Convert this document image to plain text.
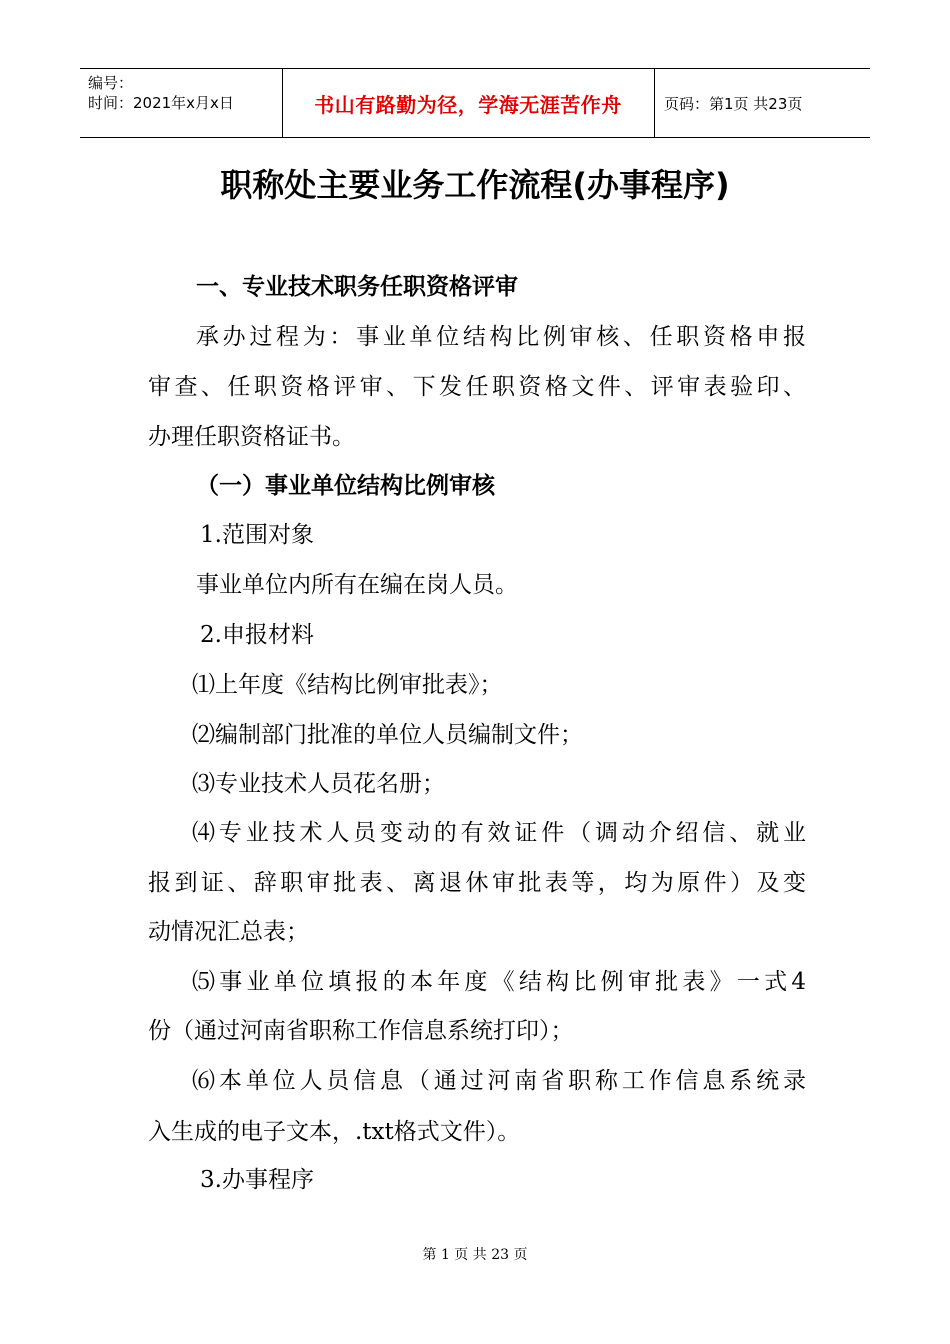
编号：
时间：2021年x月x日	书山有路勤为径，学海无涯苦作舟	页码：第1页 共23页
职称处主要业务工作流程(办事程序)
一、专业技术职务任职资格评审
承办过程为：事业单位结构比例审核、任职资格申报
审查、任职资格评审、下发任职资格文件、评审表验印、
办理任职资格证书。
（一）事业单位结构比例审核
1.范围对象
事业单位内所有在编在岗人员。
2.申报材料
⑴上年度《结构比例审批表》；
⑵编制部门批准的单位人员编制文件；
⑶专业技术人员花名册；
⑷专业技术人员变动的有效证件（调动介绍信、就业
报到证、辞职审批表、离退休审批表等，均为原件）及变
动情况汇总表；
⑸事业单位填报的本年度《结构比例审批表》一式4
份（通过河南省职称工作信息系统打印）；
⑹本单位人员信息（通过河南省职称工作信息系统录
入生成的电子文本，.txt格式文件）。
3.办事程序
第 1 页 共 23 页
